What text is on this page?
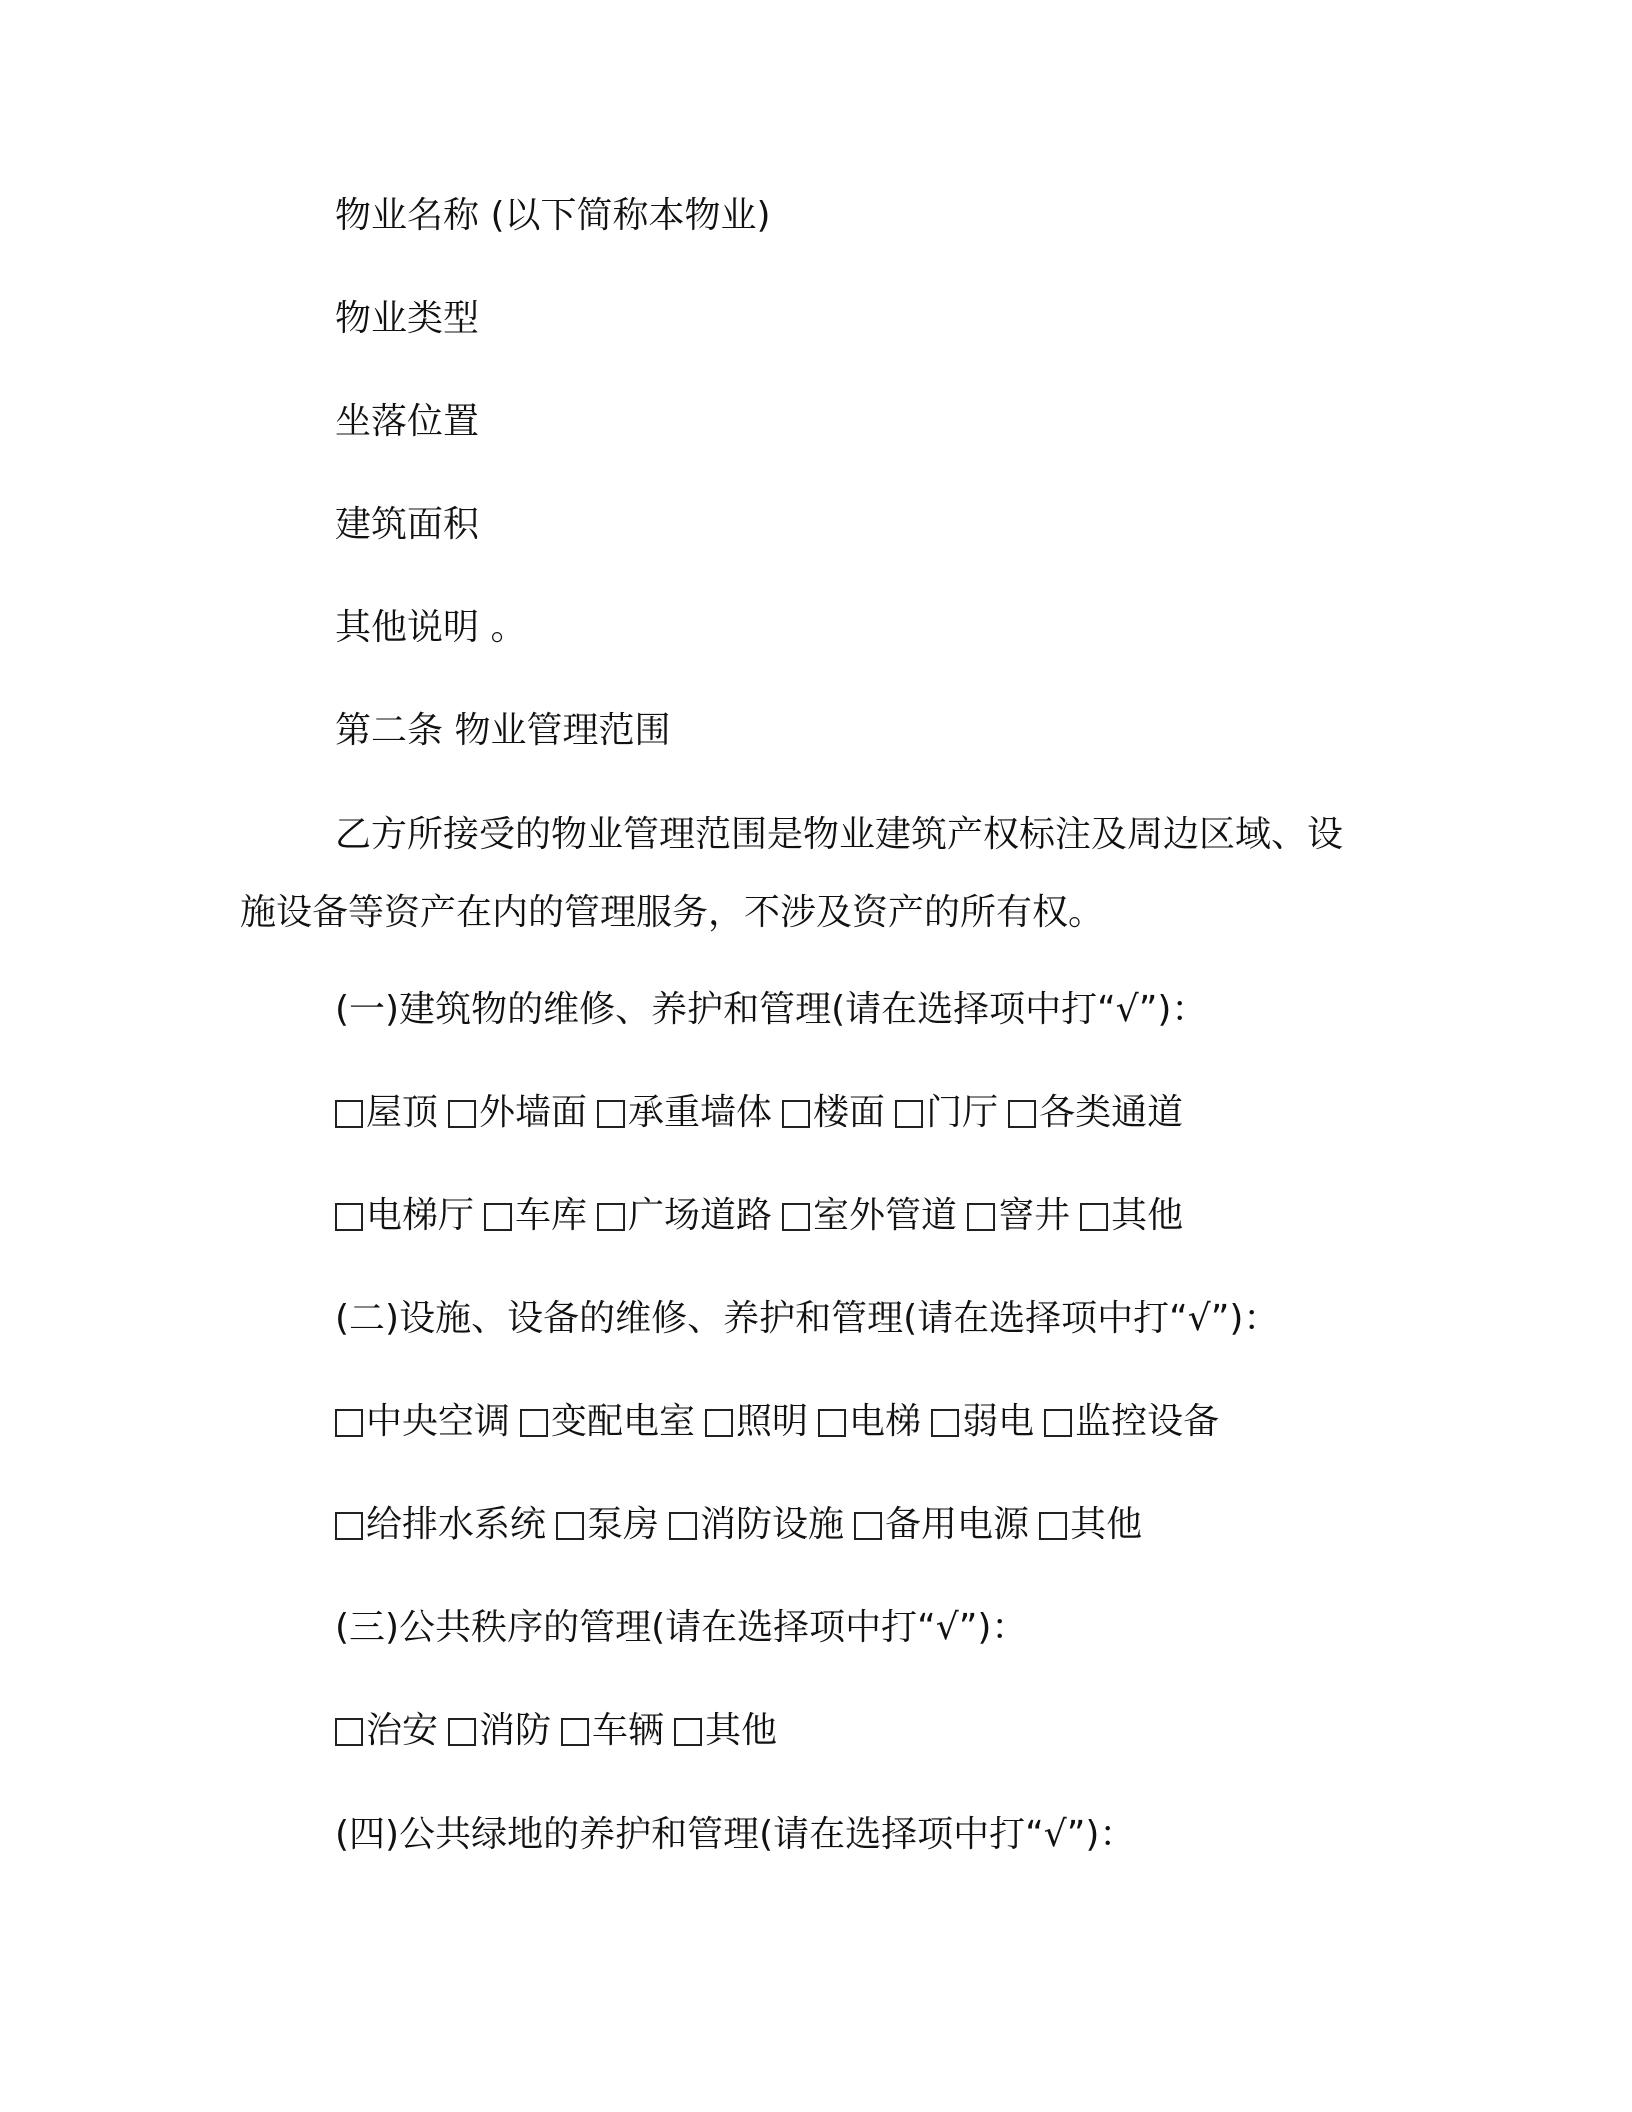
物业名称 (以下简称本物业)
物业类型
坐落位置
建筑面积
其他说明 。
第二条 物业管理范围
乙方所接受的物业管理范围是物业建筑产权标注及周边区域、设
施设备等资产在内的管理服务，不涉及资产的所有权。
(一)建筑物的维修、养护和管理(请在选择项中打“√”)：
屋顶 外墙面 承重墙体 楼面 门厅 各类通道
电梯厅 车库 广场道路 室外管道 窨井 其他
(二)设施、设备的维修、养护和管理(请在选择项中打“√”)：
中央空调 变配电室 照明 电梯 弱电 监控设备
给排水系统 泵房 消防设施 备用电源 其他
(三)公共秩序的管理(请在选择项中打“√”)：
治安 消防 车辆 其他
(四)公共绿地的养护和管理(请在选择项中打“√”)：
